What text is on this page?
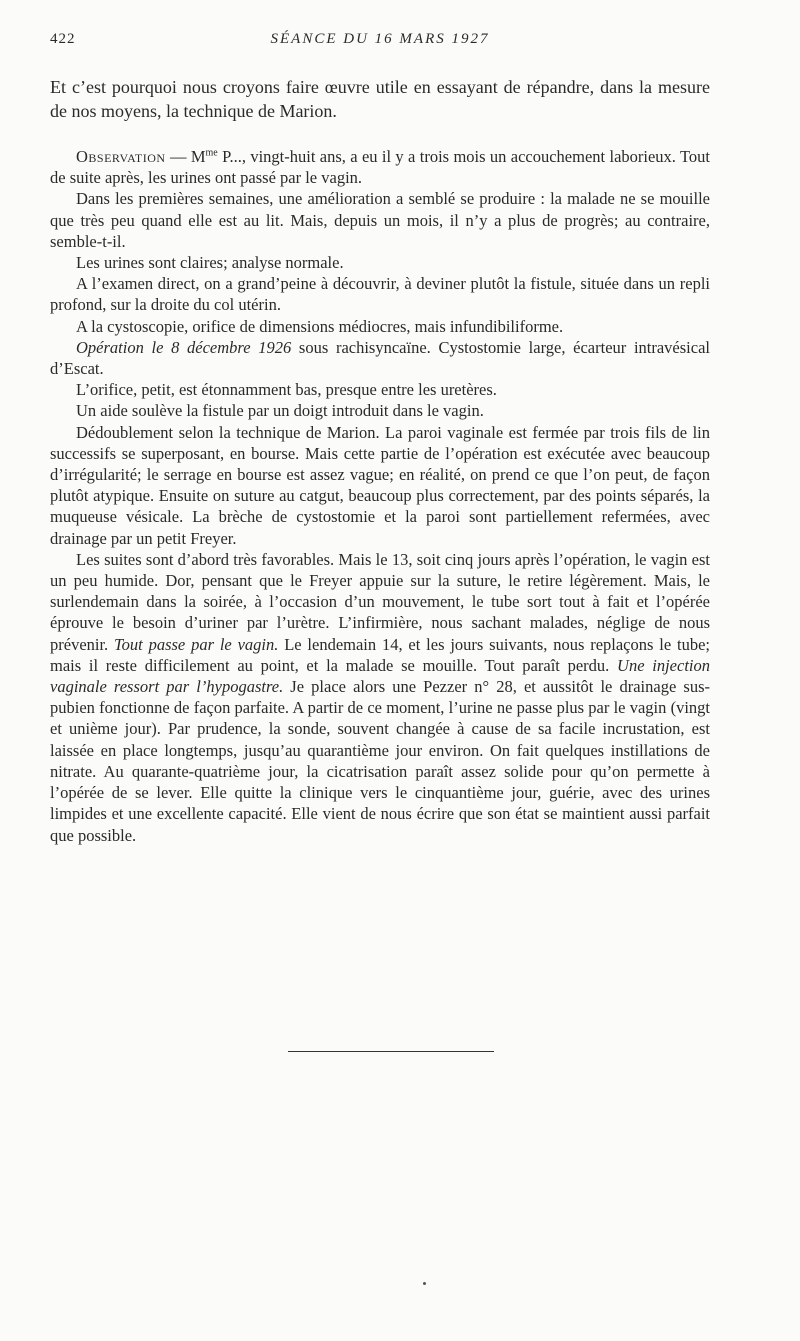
422	SÉANCE DU 16 MARS 1927

Et c’est pourquoi nous croyons faire œuvre utile en essayant de répandre, dans la mesure de nos moyens, la technique de Marion.

Observation — $M^{me}$ P..., vingt-huit ans, a eu il y a trois mois un accouchement laborieux. Tout de suite après, les urines ont passé par le vagin.

Dans les premières semaines, une amélioration a semblé se produire : la malade ne se mouille que très peu quand elle est au lit. Mais, depuis un mois, il n’y a plus de progrès; au contraire, semble-t-il.

Les urines sont claires; analyse normale.

A l’examen direct, on a grand’peine à découvrir, à deviner plutôt la fistule, située dans un repli profond, sur la droite du col utérin.

A la cystoscopie, orifice de dimensions médiocres, mais infundibiliforme.

Opération le 8 décembre 1926 sous rachisyncaïne. Cystostomie large, écarteur intravésical d’Escat.

L’orifice, petit, est étonnamment bas, presque entre les uretères.

Un aide soulève la fistule par un doigt introduit dans le vagin.

Dédoublement selon la technique de Marion. La paroi vaginale est fermée par trois fils de lin successifs se superposant, en bourse. Mais cette partie de l’opération est exécutée avec beaucoup d’irrégularité; le serrage en bourse est assez vague; en réalité, on prend ce que l’on peut, de façon plutôt atypique. Ensuite on suture au catgut, beaucoup plus correctement, par des points séparés, la muqueuse vésicale. La brèche de cystostomie et la paroi sont partiellement refermées, avec drainage par un petit Freyer.

Les suites sont d’abord très favorables. Mais le 13, soit cinq jours après l’opération, le vagin est un peu humide. Dor, pensant que le Freyer appuie sur la suture, le retire légèrement. Mais, le surlendemain dans la soirée, à l’occasion d’un mouvement, le tube sort tout à fait et l’opérée éprouve le besoin d’uriner par l’urètre. L’infirmière, nous sachant malades, néglige de nous prévenir. Tout passe par le vagin. Le lendemain 14, et les jours suivants, nous replaçons le tube; mais il reste difficilement au point, et la malade se mouille. Tout paraît perdu. Une injection vaginale ressort par l’hypogastre. Je place alors une Pezzer n° 28, et aussitôt le drainage sus-pubien fonctionne de façon parfaite. A partir de ce moment, l’urine ne passe plus par le vagin (vingt et unième jour). Par prudence, la sonde, souvent changée à cause de sa facile incrustation, est laissée en place longtemps, jusqu’au quarantième jour environ. On fait quelques instillations de nitrate. Au quarante-quatrième jour, la cicatrisation paraît assez solide pour qu’on permette à l’opérée de se lever. Elle quitte la clinique vers le cinquantième jour, guérie, avec des urines limpides et une excellente capacité. Elle vient de nous écrire que son état se maintient aussi parfait que possible.
